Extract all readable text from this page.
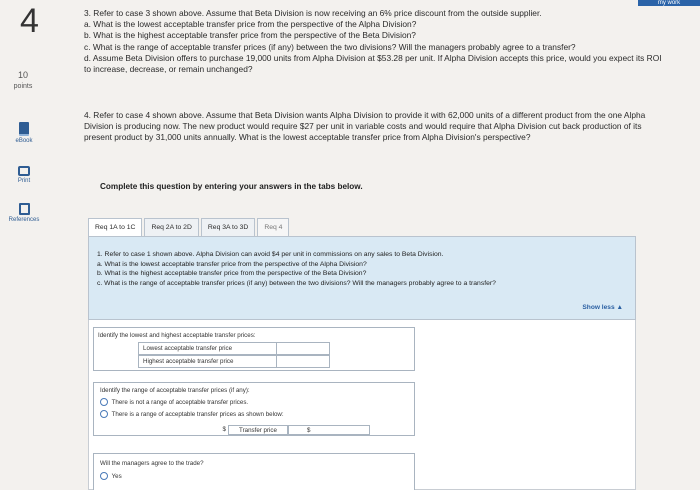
my work
4
10
points
eBook
Print
References

3. Refer to case 3 shown above. Assume that Beta Division is now receiving an 6% price discount from the outside supplier.

a. What is the lowest acceptable transfer price from the perspective of the Alpha Division?

b. What is the highest acceptable transfer price from the perspective of the Beta Division?

c. What is the range of acceptable transfer prices (if any) between the two divisions? Will the managers probably agree to a transfer?

d. Assume Beta Division offers to purchase 19,000 units from Alpha Division at $53.28 per unit. If Alpha Division accepts this price, would you expect its ROI to increase, decrease, or remain unchanged?

4. Refer to case 4 shown above. Assume that Beta Division wants Alpha Division to provide it with 62,000 units of a different product from the one Alpha Division is producing now. The new product would require $27 per unit in variable costs and would require that Alpha Division cut back production of its present product by 31,000 units annually. What is the lowest acceptable transfer price from Alpha Division's perspective?

Complete this question by entering your answers in the tabs below.
Req 1A to 1C	Req 2A to 2D	Req 3A to 3D	Req 4

1. Refer to case 1 shown above. Alpha Division can avoid $4 per unit in commissions on any sales to Beta Division.

a. What is the lowest acceptable transfer price from the perspective of the Alpha Division?

b. What is the highest acceptable transfer price from the perspective of the Beta Division?

c. What is the range of acceptable transfer prices (if any) between the two divisions? Will the managers probably agree to a transfer?

Show less ▲
Identify the lowest and highest acceptable transfer prices:
Lowest acceptable transfer price
Highest acceptable transfer price
Identify the range of acceptable transfer prices (if any):
There is not a range of acceptable transfer prices.
There is a range of acceptable transfer prices as shown below:
$	Transfer price	$
Will the managers agree to the trade?
Yes
